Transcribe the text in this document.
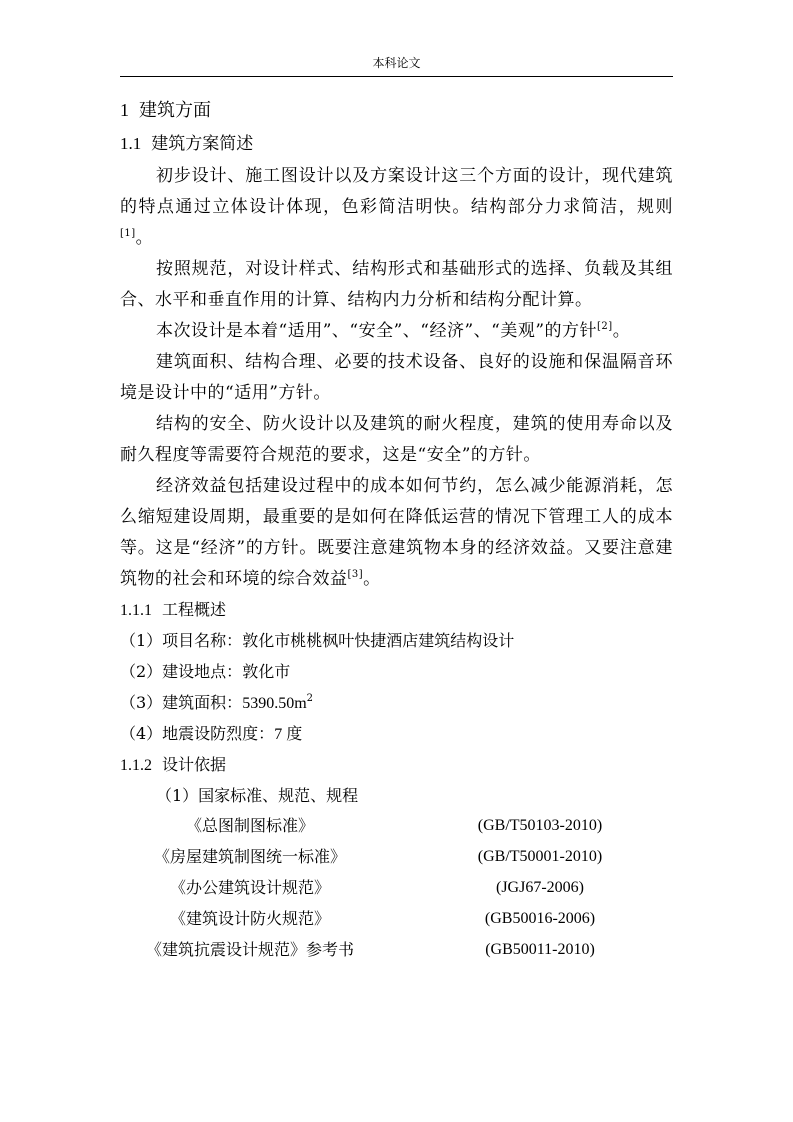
本科论文
1 建筑方面
1.1 建筑方案简述

初步设计、施工图设计以及方案设计这三个方面的设计，现代建筑的特点通过立体设计体现，色彩简洁明快。结构部分力求简洁，规则[1]。

按照规范，对设计样式、结构形式和基础形式的选择、负载及其组合、水平和垂直作用的计算、结构内力分析和结构分配计算。

本次设计是本着“适用”、“安全”、“经济”、“美观”的方针[2]。

建筑面积、结构合理、必要的技术设备、良好的设施和保温隔音环境是设计中的“适用”方针。

结构的安全、防火设计以及建筑的耐火程度，建筑的使用寿命以及耐久程度等需要符合规范的要求，这是“安全”的方针。

经济效益包括建设过程中的成本如何节约，怎么减少能源消耗，怎么缩短建设周期，最重要的是如何在降低运营的情况下管理工人的成本等。这是“经济”的方针。既要注意建筑物本身的经济效益。又要注意建筑物的社会和环境的综合效益[3]。

1.1.1 工程概述
（1）项目名称：敦化市桃桃枫叶快捷酒店建筑结构设计
（2）建设地点：敦化市
（3）建筑面积：$5390.50m^2$
（4）地震设防烈度：7 度
1.1.2 设计依据
（1）国家标准、规范、规程
《总图制图标准》	(GB/T50103-2010)
《房屋建筑制图统一标准》	(GB/T50001-2010)
《办公建筑设计规范》	(JGJ67-2006)
《建筑设计防火规范》	(GB50016-2006)
《建筑抗震设计规范》参考书	(GB50011-2010)
